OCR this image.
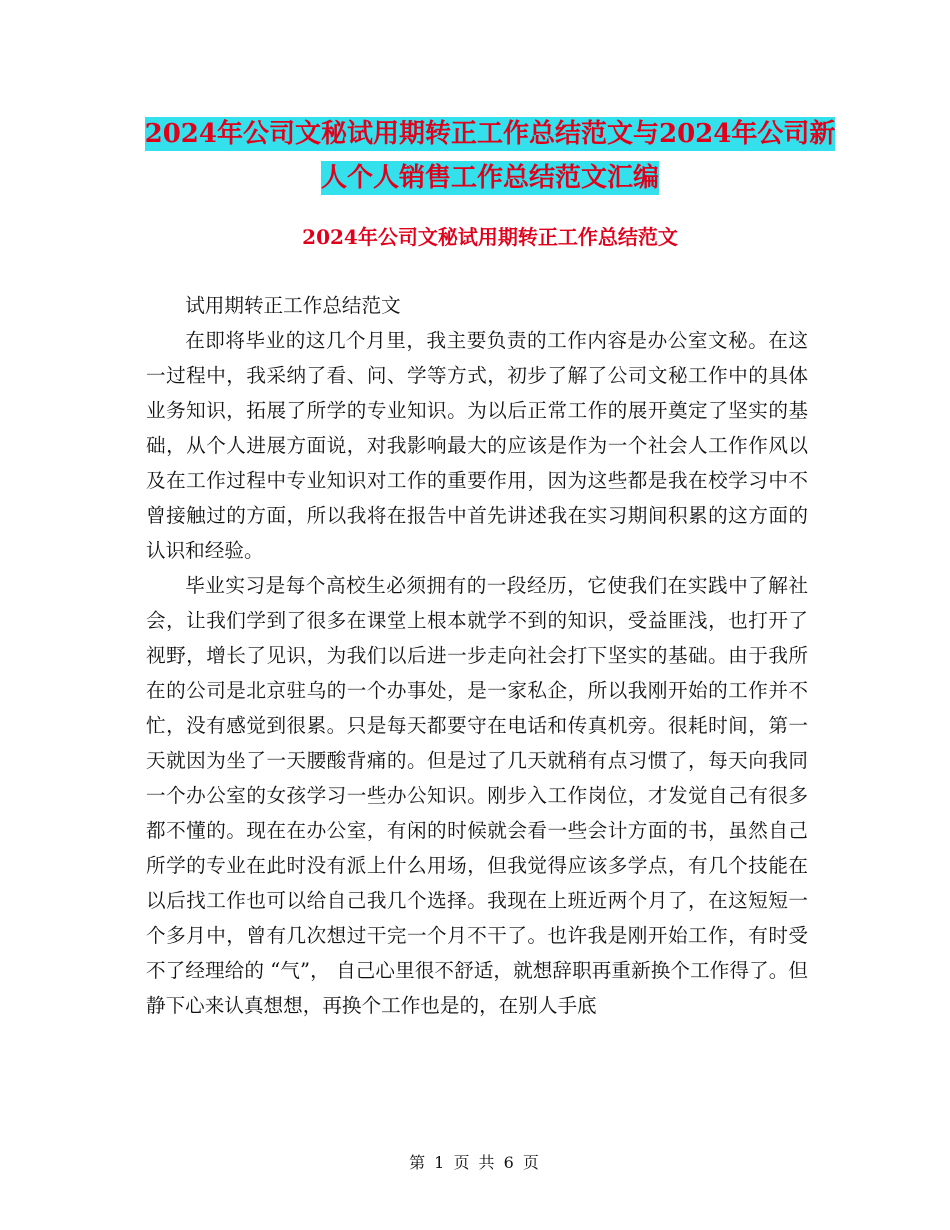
2024年公司文秘试用期转正工作总结范文与2024年公司新人个人销售工作总结范文汇编
2024年公司文秘试用期转正工作总结范文

试用期转正工作总结范文

在即将毕业的这几个月里，我主要负责的工作内容是办公室文秘。在这一过程中，我采纳了看、问、学等方式，初步了解了公司文秘工作中的具体业务知识，拓展了所学的专业知识。为以后正常工作的展开奠定了坚实的基础，从个人进展方面说，对我影响最大的应该是作为一个社会人工作作风以及在工作过程中专业知识对工作的重要作用，因为这些都是我在校学习中不曾接触过的方面，所以我将在报告中首先讲述我在实习期间积累的这方面的认识和经验。

毕业实习是每个高校生必须拥有的一段经历，它使我们在实践中了解社会，让我们学到了很多在课堂上根本就学不到的知识，受益匪浅，也打开了视野，增长了见识，为我们以后进一步走向社会打下坚实的基础。由于我所在的公司是北京驻乌的一个办事处，是一家私企，所以我刚开始的工作并不忙，没有感觉到很累。只是每天都要守在电话和传真机旁。很耗时间，第一天就因为坐了一天腰酸背痛的。但是过了几天就稍有点习惯了，每天向我同一个办公室的女孩学习一些办公知识。刚步入工作岗位，才发觉自己有很多都不懂的。现在在办公室，有闲的时候就会看一些会计方面的书，虽然自己所学的专业在此时没有派上什么用场，但我觉得应该多学点，有几个技能在以后找工作也可以给自己我几个选择。我现在上班近两个月了，在这短短一个多月中，曾有几次想过干完一个月不干了。也许我是刚开始工作，有时受不了经理给的 “气”， 自己心里很不舒适，就想辞职再重新换个工作得了。但静下心来认真想想，再换个工作也是的，在别人手底

第 1 页 共 6 页
